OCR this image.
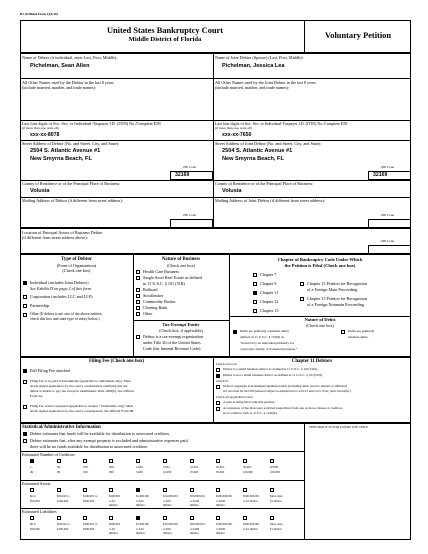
B1 (Official Form 1)(4/10)
United States Bankruptcy Court
Middle District of Florida	Voluntary Petition
Name of Debtor (if individual, enter Last, First, Middle):
Pichelman, Sean Allen
All Other Names used by the Debtor in the last 8 years
(include married, maiden, and trade names):
Last four digits of Soc. Sec. or Individual-Taxpayer I.D. (ITIN) No./Complete EIN
(if more than one, state all)
xxx-xx-8078
Street Address of Debtor (No. and Street, City, and State):
2504 S. Atlantic Avenue #1
New Smyrna Beach, FL
ZIP Code
32169
County of Residence or of the Principal Place of Business:
Volusia
Mailing Address of Debtor (if different from street address):
ZIP Code
Name of Joint Debtor (Spouse) (Last, First, Middle):
Pichelman, Jessica Lea
All Other Names used by the Joint Debtor in the last 8 years
(include married, maiden, and trade names):
Last four digits of Soc. Sec. or Individual-Taxpayer I.D. (ITIN) No./Complete EIN
(if more than one, state all)
xxx-xx-7650
Street Address of Joint Debtor (No. and Street, City, and State):
2504 S. Atlantic Avenue #1
New Smyrna Beach, FL
ZIP Code
32169
County of Residence or of the Principal Place of Business:
Volusia
Mailing Address of Joint Debtor (if different from street address):
ZIP Code
Location of Principal Assets of Business Debtor
(if different from street address above):
ZIP Code
Type of Debtor
(Form of Organization)
(Check one box)
Individual (includes Joint Debtors)
See Exhibit D on page 2 of this form.
Corporation (includes LLC and LLP)
Partnership
Other (If debtor is not one of the above entities,
check this box and state type of entity below.)
Nature of Business
(Check one box)
Health Care Business
Single Asset Real Estate as defined
in 11 U.S.C. § 101 (51B)
Railroad
Stockbroker
Commodity Broker
Clearing Bank
Other
Tax-Exempt Entity
(Check box, if applicable)
Debtor is a tax-exempt organization
under Title 26 of the United States
Code (the Internal Revenue Code).
Chapter of Bankruptcy Code Under Which
the Petition is Filed (Check one box)
Chapter 7
Chapter 9
Chapter 11
Chapter 12
Chapter 13
Chapter 15 Petition for Recognition
of a Foreign Main Proceeding
Chapter 15 Petition for Recognition
of a Foreign Nonmain Proceeding
Nature of Debts
(Check one box)
Debts are primarily consumer debts,
defined in 11 U.S.C. § 101(8) as
"incurred by an individual primarily for
a personal, family, or household purpose."
Debts are primarily
business debts.
Filing Fee (Check one box)
Full Filing Fee attached
Filing Fee to be paid in installments (applicable to individuals only). Must
attach signed application for the court's consideration certifying that the
debtor is unable to pay fee except in installments. Rule 1006(b). See Official
Form 3A.
Filing Fee waiver requested (applicable to chapter 7 individuals only). Must
attach signed application for the court's consideration. See Official Form 3B.
Chapter 11 Debtors
Check one box:
Debtor is a small business debtor as defined in 11 U.S.C. § 101(51D).
Debtor is not a small business debtor as defined in 11 U.S.C. § 101(51D).
Check if:
Debtor's aggregate noncontingent liquidated debts (excluding debts owed to insiders or affiliates)
are less than $2,343,300 (amount subject to adjustment on 4/01/13 and every three years thereafter).
Check all applicable boxes:
A plan is being filed with this petition.
Acceptances of the plan were solicited prepetition from one or more classes of creditors,
in accordance with 11 U.S.C. § 1126(b).
Statistical/Administrative Information	THIS SPACE IS FOR COURT USE ONLY
Debtor estimates that funds will be available for distribution to unsecured creditors.
Debtor estimates that, after any exempt property is excluded and administrative expenses paid,
there will be no funds available for distribution to unsecured creditors.
Estimated Number of Creditors
1-
49
50-
99
100-
199
200-
999
1,000-
5,000
5,001-
10,000
10,001-
25,000
25,001-
50,000
50,001-
100,000
OVER
100,000
Estimated Assets
$0 to
$50,000
$50,001 to
$100,000
$100,001 to
$500,000
$500,001
to $1
million
$1,000,001
to $10
million
$10,000,001
to $50
million
$50,000,001
to $100
million
$100,000,001
to $500
million
$500,000,001
to $1 billion
More than
$1 billion
Estimated Liabilities
$0 to
$50,000
$50,001 to
$100,000
$100,001 to
$500,000
$500,001
to $1
million
$1,000,001
to $10
million
$10,000,001
to $50
million
$50,000,001
to $100
million
$100,000,001
to $500
million
$500,000,001
to $1 billion
More than
$1 billion
